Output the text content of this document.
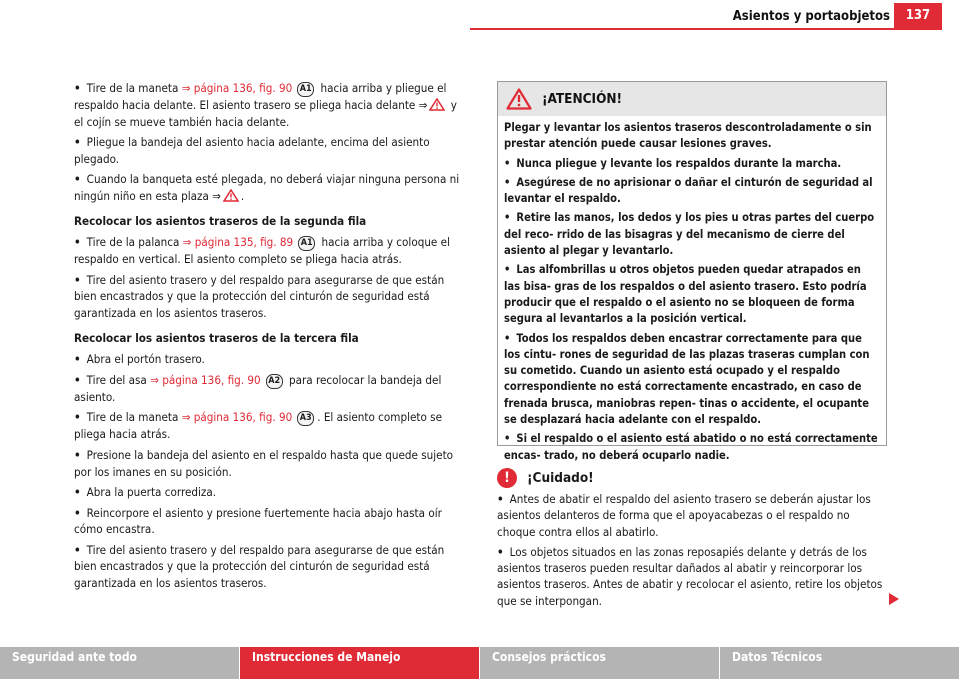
Asientos y portaobjetos	137

• Tire de la maneta ⇒ página 136, fig. 90 A1 hacia arriba y pliegue el respaldo hacia delante. El asiento trasero se pliega hacia delante ⇒ y el cojín se mueve también hacia delante.

• Pliegue la bandeja del asiento hacia adelante, encima del asiento plegado.

• Cuando la banqueta esté plegada, no deberá viajar ninguna persona ni ningún niño en esta plaza ⇒ .

Recolocar los asientos traseros de la segunda fila

• Tire de la palanca ⇒ página 135, fig. 89 A1 hacia arriba y coloque el respaldo en vertical. El asiento completo se pliega hacia atrás.

• Tire del asiento trasero y del respaldo para asegurarse de que están bien encastrados y que la protección del cinturón de seguridad está garantizada en los asientos traseros.

Recolocar los asientos traseros de la tercera fila

• Abra el portón trasero.

• Tire del asa ⇒ página 136, fig. 90 A2 para recolocar la bandeja del asiento.

• Tire de la maneta ⇒ página 136, fig. 90 A3 . El asiento completo se pliega hacia atrás.

• Presione la bandeja del asiento en el respaldo hasta que quede sujeto por los imanes en su posición.

• Abra la puerta corrediza.

• Reincorpore el asiento y presione fuertemente hacia abajo hasta oír cómo encastra.

• Tire del asiento trasero y del respaldo para asegurarse de que están bien encastrados y que la protección del cinturón de seguridad está garantizada en los asientos traseros.

¡ATENCIÓN!

Plegar y levantar los asientos traseros descontroladamente o sin prestar atención puede causar lesiones graves.

• Nunca pliegue y levante los respaldos durante la marcha.

• Asegúrese de no aprisionar o dañar el cinturón de seguridad al levantar el respaldo.

• Retire las manos, los dedos y los pies u otras partes del cuerpo del reco- rrido de las bisagras y del mecanismo de cierre del asiento al plegar y levantarlo.

• Las alfombrillas u otros objetos pueden quedar atrapados en las bisa- gras de los respaldos o del asiento trasero. Esto podría producir que el respaldo o el asiento no se bloqueen de forma segura al levantarlos a la posición vertical.

• Todos los respaldos deben encastrar correctamente para que los cintu- rones de seguridad de las plazas traseras cumplan con su cometido. Cuando un asiento está ocupado y el respaldo correspondiente no está correctamente encastrado, en caso de frenada brusca, maniobras repen- tinas o accidente, el ocupante se desplazará hacia adelante con el respaldo.

• Si el respaldo o el asiento está abatido o no está correctamente encas- trado, no deberá ocuparlo nadie.

!	¡Cuidado!

• Antes de abatir el respaldo del asiento trasero se deberán ajustar los asientos delanteros de forma que el apoyacabezas o el respaldo no choque contra ellos al abatirlo.

• Los objetos situados en las zonas reposapiés delante y detrás de los asientos traseros pueden resultar dañados al abatir y reincorporar los asientos traseros. Antes de abatir y recolocar el asiento, retire los objetos que se interpongan.

Seguridad ante todo	Instrucciones de Manejo	Consejos prácticos	Datos Técnicos
